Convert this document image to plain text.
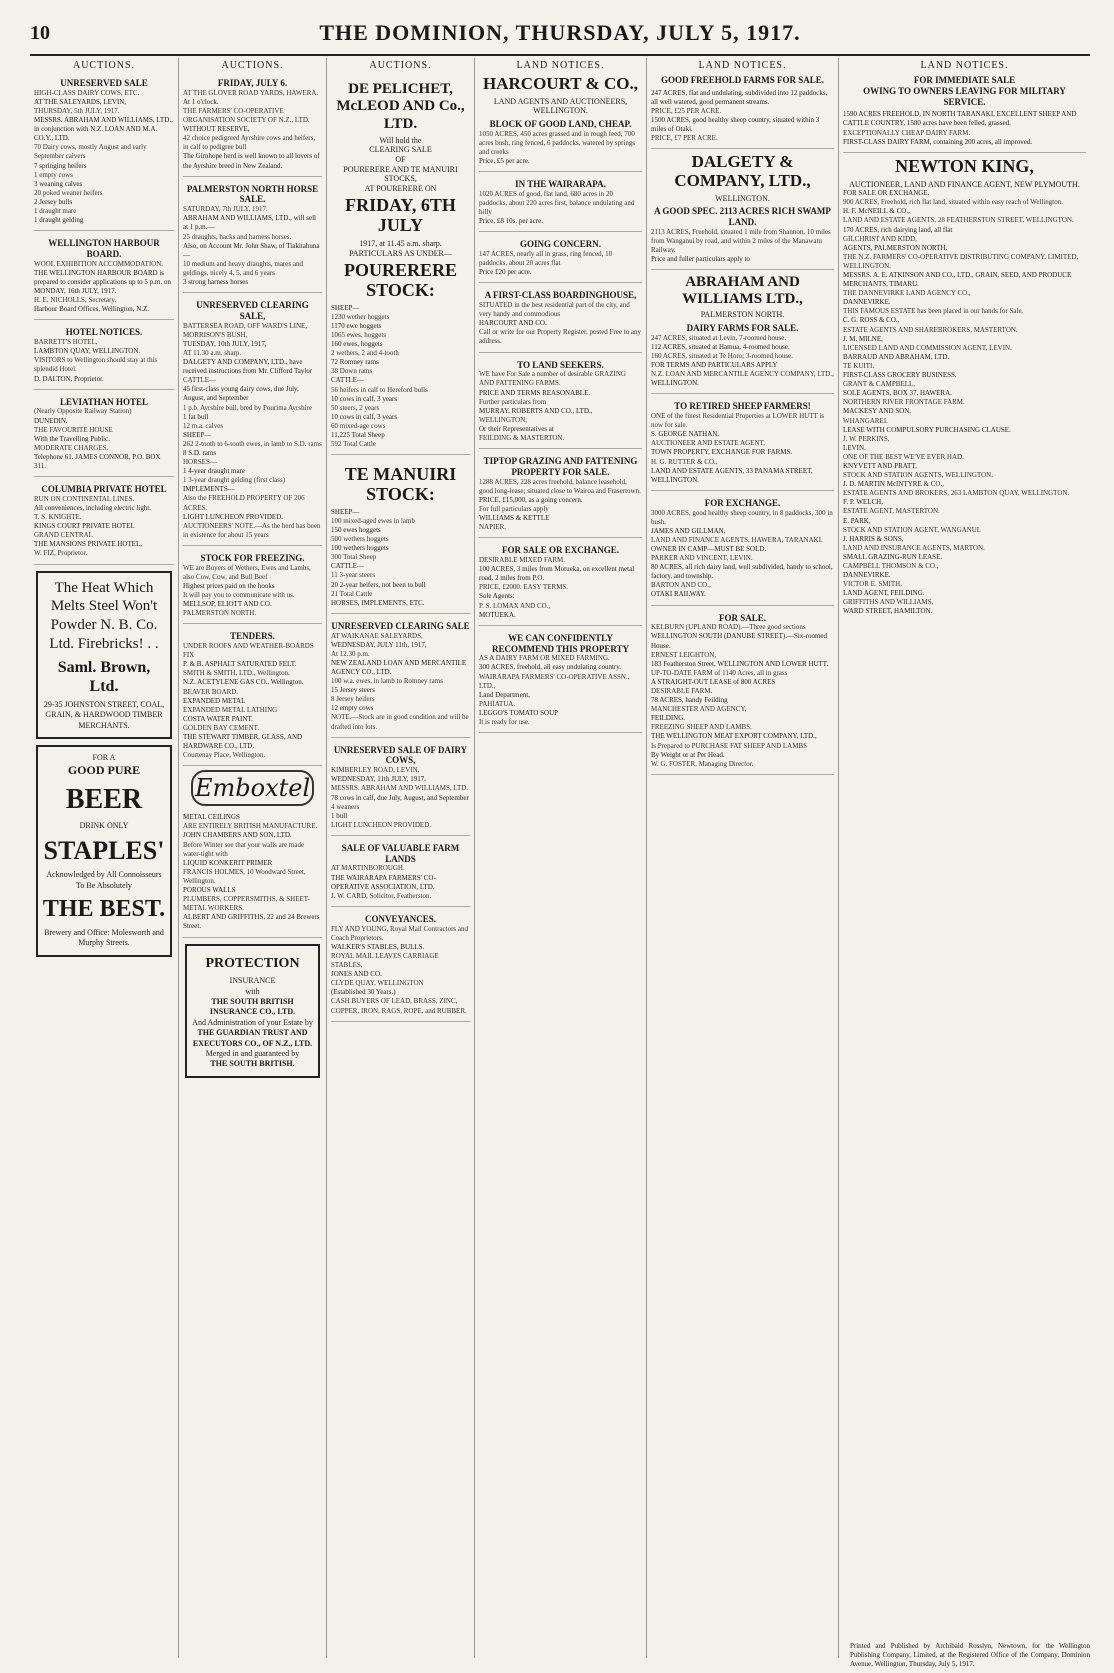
10	THE DOMINION, THURSDAY, JULY 5, 1917.
AUCTIONS.
UNRESERVED SALE
HIGH-CLASS DAIRY COWS, ETC.
AT THE SALEYARDS, LEVIN,
THURSDAY, 5th JULY, 1917.
MESSRS. ABRAHAM AND WILLIAMS, LTD., in conjunction with N.Z. LOAN AND M.A. CO.Y., LTD.
70 Dairy cows, mostly August and early September calvers
7 springing heifers
1 empty cows
3 weaning calves
20 poked weaner heifers
2 Jersey bulls
1 draught mare
1 draught gelding
WELLINGTON HARBOUR BOARD.
WOOL EXHIBITION ACCOMMODATION.
THE WELLINGTON HARBOUR BOARD is prepared to consider applications up to 5 p.m. on MONDAY, 16th JULY, 1917.
H. E. NICHOLLS, Secretary.
Harbour Board Offices, Wellington, N.Z.
HOTEL NOTICES.
BARRETT'S HOTEL,
LAMBTON QUAY, WELLINGTON.
VISITORS to Wellington should stay at this splendid Hotel.
D. DALTON, Proprietor.
LEVIATHAN HOTEL
(Nearly Opposite Railway Station)
DUNEDIN.
THE FAVOURITE HOUSE
With the Travelling Public.
MODERATE CHARGES.
Telephone 61. JAMES CONNOR, P.O. BOX 311.
COLUMBIA PRIVATE HOTEL
RUN ON CONTINENTAL LINES.
All conveniences, including electric light.
T. S. KNIGHTE.
KINGS COURT PRIVATE HOTEL
GRAND CENTRAL
THE MANSIONS PRIVATE HOTEL,
W. FIZ, Proprietor.
The Heat Which Melts Steel Won't Powder N. B. Co. Ltd. Firebricks! . .
Saml. Brown, Ltd.
29-35 JOHNSTON STREET, COAL, GRAIN, & HARDWOOD TIMBER MERCHANTS.
FOR A
GOOD PURE
BEER
DRINK ONLY
STAPLES'
Acknowledged by All Connoisseurs To Be Absolutely
THE BEST.
Brewery and Office: Molesworth and Murphy Streets.
AUCTIONS.
FRIDAY, JULY 6.
AT THE GLOVER ROAD YARDS, HAWERA.
At 1 o'clock.
THE FARMERS' CO-OPERATIVE ORGANISATION SOCIETY OF N.Z., LTD.
WITHOUT RESERVE,
42 choice pedigreed Ayrshire cows and heifers, in calf to pedigree bull
The Girnhope herd is well known to all lovers of the Ayrshire breed in New Zealand.
PALMERSTON NORTH HORSE SALE.
SATURDAY, 7th JULY, 1917.
ABRAHAM AND WILLIAMS, LTD., will sell at 1 p.m.—
25 draughts, hacks and harness horses.
Also, on Account Mr. John Shaw, of Tiakitahuna—
10 medium and heavy draughts, mares and geldings, nicely 4, 5, and 6 years
3 strong harness horses
UNRESERVED CLEARING SALE,
BATTERSEA ROAD, OFF WARD'S LINE, MORRISON'S BUSH,
TUESDAY, 10th JULY, 1917,
AT 11.30 a.m. sharp.
DALGETY AND COMPANY, LTD., have received instructions from Mr. Clifford Taylor
CATTLE—
45 first-class young dairy cows, due July, August, and September
1 p.b. Ayrshire bull, bred by Pourima Ayrshire
1 fat bull
12 m.a. calves
SHEEP—
262 2-tooth to 6-tooth ewes, in lamb to S.D. rams
8 S.D. rams
HORSES—
1 4-year draught mare
1 3-year draught gelding (first class)
IMPLEMENTS—
Also the FREEHOLD PROPERTY OF 206 ACRES.
LIGHT LUNCHEON PROVIDED.
AUCTIONEERS' NOTE.—As the herd has been in existence for about 15 years
STOCK FOR FREEZING.
WE are Buyers of Wethers, Ewes and Lambs, also Cow, Cow, and Bull Beef
Highest prices paid on the hooks
It will pay you to communicate with us.
MELLSOP, ELIOTT AND CO.
PALMERSTON NORTH.
TENDERS.
UNDER ROOFS AND WEATHER-BOARDS FIX
P. & B. ASPHALT SATURATED FELT.
SMITH & SMITH, LTD., Wellington.
N.Z. ACETYLENE GAS CO., Wellington.
BEAVER BOARD.
EXPANDED METAL
EXPANDED METAL LATHING
COSTA WATER PAINT.
GOLDEN BAY CEMENT.
THE STEWART TIMBER, GLASS, AND HARDWARE CO., LTD.
Courtenay Place, Wellington.
Emboxtel
METAL CEILINGS
ARE ENTIRELY BRITISH MANUFACTURE.
JOHN CHAMBERS AND SON, LTD.
Before Winter see that your walls are made water-tight with
LIQUID KONKERIT PRIMER
FRANCIS HOLMES, 10 Woodward Street, Wellington.
POROUS WALLS
PLUMBERS, COPPERSMITHS, & SHEET-METAL WORKERS.
ALBERT AND GRIFFITHS, 22 and 24 Brewers Street.
PROTECTION
INSURANCE
with
THE SOUTH BRITISH INSURANCE CO., LTD.
And Administration of your Estate by
THE GUARDIAN TRUST AND EXECUTORS CO., OF N.Z., LTD.
Merged in and guaranteed by
THE SOUTH BRITISH.
AUCTIONS.
DE PELICHET, McLEOD AND Co., LTD.
Will hold the
CLEARING SALE
OF
POURERERE AND TE MANUIRI STOCKS,
AT POURERERE ON
FRIDAY, 6TH JULY
1917, at 11.45 a.m. sharp.
PARTICULARS AS UNDER—
POURERERE STOCK:
SHEEP—
1230 wether hoggets
1170 ewe hoggets
1065 ewes, hoggets
160 ewes, hoggets
2 wethers, 2 and 4-tooth
72 Romney rams
38 Down rams
CATTLE—
56 heifers in calf to Hereford bulls
10 cows in calf, 3 years
50 steers, 2 years
10 cows in calf, 3 years
60 mixed-age cows
11,225 Total Sheep
592 Total Cattle
TE MANUIRI STOCK:
SHEEP—
100 mixed-aged ewes in lamb
150 ewes hoggets
500 wethers hoggets
100 wethers hoggets
300 Total Sheep
CATTLE—
11 3-year steers
20 2-year heifers, not been to bull
21 Total Cattle
HORSES, IMPLEMENTS, ETC.
UNRESERVED CLEARING SALE
AT WAIKANAE SALEYARDS,
WEDNESDAY, JULY 11th, 1917,
At 12.30 p.m.
NEW ZEALAND LOAN AND MERCANTILE AGENCY CO., LTD.
100 w.a. ewes, in lamb to Romney rams
15 Jersey steers
8 Jersey heifers
12 empty cows
NOTE.—Stock are in good condition and will be drafted into lots.
UNRESERVED SALE OF DAIRY COWS,
KIMBERLEY ROAD, LEVIN,
WEDNESDAY, 11th JULY, 1917.
MESSRS. ABRAHAM AND WILLIAMS, LTD.
78 cows in calf, due July, August, and September
4 weaners
1 bull
LIGHT LUNCHEON PROVIDED.
SALE OF VALUABLE FARM LANDS
AT MARTINBOROUGH.
THE WAIRARAPA FARMERS' CO-OPERATIVE ASSOCIATION, LTD.
J. W. CARD, Solicitor, Featherston.
CONVEYANCES.
FLY AND YOUNG, Royal Mail Contractors and Coach Proprietors.
WALKER'S STABLES, BULLS.
ROYAL MAIL LEAVES CARRIAGE STABLES,
JONES AND CO.
CLYDE QUAY, WELLINGTON
(Established 30 Years.)
CASH BUYERS OF LEAD, BRASS, ZINC, COPPER, IRON, RAGS, ROPE, and RUBBER.
LAND NOTICES.
HARCOURT & CO.,
LAND AGENTS AND AUCTIONEERS, WELLINGTON.
BLOCK OF GOOD LAND, CHEAP.
1050 ACRES, 450 acres grassed and in rough feed, 700 acres bush, ring fenced, 6 paddocks, watered by springs and creeks
Price, £5 per acre.
IN THE WAIRARAPA.
1020 ACRES of good, flat land, 680 acres in 20 paddocks, about 220 acres first, balance undulating and hilly
Price, £8 10s. per acre.
GOING CONCERN.
147 ACRES, nearly all in grass, ring fenced, 10 paddocks, about 20 acres flat
Price £20 per acre.
A FIRST-CLASS BOARDINGHOUSE,
SITUATED in the best residential part of the city, and very handy and commodious
HARCOURT AND CO.
Call or write for our Property Register, posted Free to any address.
TO LAND SEEKERS.
WE have For Sale a number of desirable GRAZING AND FATTENING FARMS.
PRICE AND TERMS REASONABLE.
Further particulars from
MURRAY, ROBERTS AND CO., LTD.,
WELLINGTON;
Or their Representatives at
FEILDING & MASTERTON.
TIPTOP GRAZING AND FATTENING PROPERTY FOR SALE.
1288 ACRES, 228 acres freehold, balance leasehold, good long-lease; situated close to Wairoa and Frasertown.
PRICE, £15,000, as a going concern.
For full particulars apply
WILLIAMS & KETTLE
NAPIER.
FOR SALE OR EXCHANGE.
DESIRABLE MIXED FARM.
100 ACRES, 3 miles from Motueka, on excellent metal road, 2 miles from P.O.
PRICE, £2000. EASY TERMS.
Sole Agents:
P. S. LOMAX AND CO.,
MOTUEKA.
WE CAN CONFIDENTLY RECOMMEND THIS PROPERTY
AS A DAIRY FARM OR MIXED FARMING.
300 ACRES, freehold, all easy undulating country.
WAIRARAPA FARMERS' CO-OPERATIVE ASSN., LTD.,
Land Department,
PAHIATUA.
LEGGO'S TOMATO SOUP
It is ready for use.
LAND NOTICES.
GOOD FREEHOLD FARMS FOR SALE.
247 ACRES, flat and undulating, subdivided into 12 paddocks, all well watered, good permanent streams.
PRICE, £25 PER ACRE.
1500 ACRES, good healthy sheep country, situated within 3 miles of Otaki.
PRICE, £7 PER ACRE.
DALGETY & COMPANY, LTD.,
WELLINGTON.
A GOOD SPEC. 2113 ACRES RICH SWAMP LAND.
2113 ACRES, Freehold, situated 1 mile from Shannon, 10 miles from Wanganui by road, and within 2 miles of the Manawatu Railway.
Price and fuller particulars apply to
ABRAHAM AND WILLIAMS LTD.,
PALMERSTON NORTH.
DAIRY FARMS FOR SALE.
247 ACRES, situated at Levin, 7-roomed house.
112 ACRES, situated at Hamua, 4-roomed house.
160 ACRES, situated at Te Horo; 3-roomed house.
FOR TERMS AND PARTICULARS APPLY
N.Z. LOAN AND MERCANTILE AGENCY COMPANY, LTD.,
WELLINGTON.
TO RETIRED SHEEP FARMERS!
ONE of the finest Residential Properties at LOWER HUTT is now for sale.
S. GEORGE NATHAN,
AUCTIONEER AND ESTATE AGENT,
TOWN PROPERTY, EXCHANGE FOR FARMS.
H. G. RUTTER & CO.,
LAND AND ESTATE AGENTS, 33 PANAMA STREET, WELLINGTON.
FOR EXCHANGE.
3000 ACRES, good healthy sheep country, in 8 paddocks, 300 in bush.
JAMES AND GILLMAN,
LAND AND FINANCE AGENTS, HAWERA, TARANAKI.
OWNER IN CAMP—MUST BE SOLD.
PARKER AND VINCENT, LEVIN.
80 ACRES, all rich dairy land, well subdivided, handy to school, factory, and township.
BARTON AND CO.,
OTAKI RAILWAY.
FOR SALE.
KELBURN (UPLAND ROAD).—Three good sections
WELLINGTON SOUTH (DANUBE STREET).—Six-roomed House.
ERNEST LEIGHTON,
183 Featherston Street, WELLINGTON AND LOWER HUTT.
UP-TO-DATE FARM of 1140 Acres, all in grass
A STRAIGHT-OUT LEASE of 800 ACRES
DESIRABLE FARM.
78 ACRES, handy Feilding
MANCHESTER AND AGENCY,
FEILDING.
FREEZING SHEEP AND LAMBS.
THE WELLINGTON MEAT EXPORT COMPANY, LTD.,
Is Prepared to PURCHASE FAT SHEEP AND LAMBS
By Weight or at Per Head.
W. G. FOSTER, Managing Director.
LAND NOTICES.
FOR IMMEDIATE SALE
OWING TO OWNERS LEAVING FOR MILITARY SERVICE.
1590 ACRES FREEHOLD, IN NORTH TARANAKI, EXCELLENT SHEEP AND CATTLE COUNTRY, 1580 acres have been felled, grassed.
EXCEPTIONALLY CHEAP DAIRY FARM.
FIRST-CLASS DAIRY FARM, containing 200 acres, all improved.
NEWTON KING,
AUCTIONEER, LAND AND FINANCE AGENT, NEW PLYMOUTH.
FOR SALE OR EXCHANGE.
900 ACRES, Freehold, rich flat land, situated within easy reach of Wellington.
H. F. McNEILL & CO.,
LAND AND ESTATE AGENTS, 28 FEATHERSTON STREET, WELLINGTON.
170 ACRES, rich dairying land, all flat
GILCHRIST AND KIDD,
AGENTS, PALMERSTON NORTH.
THE N.Z. FARMERS' CO-OPERATIVE DISTRIBUTING COMPANY, LIMITED, WELLINGTON.
MESSRS. A. E. ATKINSON AND CO., LTD., GRAIN, SEED, AND PRODUCE MERCHANTS, TIMARU.
THE DANNEVIRKE LAND AGENCY CO.,
DANNEVIRKE.
THIS FAMOUS ESTATE has been placed in our hands for Sale.
C. G. ROSS & CO.,
ESTATE AGENTS AND SHAREBROKERS, MASTERTON.
J. M. MILNE,
LICENSED LAND AND COMMISSION AGENT, LEVIN.
BARRAUD AND ABRAHAM, LTD.
TE KUITI.
FIRST-CLASS GROCERY BUSINESS.
GRANT & CAMPBELL,
SOLE AGENTS, BOX 37, HAWERA.
NORTHERN RIVER FRONTAGE FARM.
MACKESY AND SON,
WHANGAREI.
LEASE WITH COMPULSORY PURCHASING CLAUSE.
J. W. PERKINS,
LEVIN.
ONE OF THE BEST WE'VE EVER HAD.
KNYVETT AND PRATT,
STOCK AND STATION AGENTS, WELLINGTON.
J. D. MARTIN McINTYRE & CO.,
ESTATE AGENTS AND BROKERS, 263 LAMBTON QUAY, WELLINGTON.
F. P. WELCH,
ESTATE AGENT, MASTERTON.
E. PARK,
STOCK AND STATION AGENT, WANGANUI.
J. HARRIS & SONS,
LAND AND INSURANCE AGENTS, MARTON.
SMALL GRAZING-RUN LEASE.
CAMPBELL THOMSON & CO.,
DANNEVIRKE.
VICTOR E. SMITH,
LAND AGENT, FEILDING.
GRIFFITHS AND WILLIAMS,
WARD STREET, HAMILTON.
Printed and Published by Archibald Rosslyn, Newtown, for the Wellington Publishing Company, Limited, at the Registered Office of the Company, Dominion Avenue, Wellington, Thursday, July 5, 1917.
